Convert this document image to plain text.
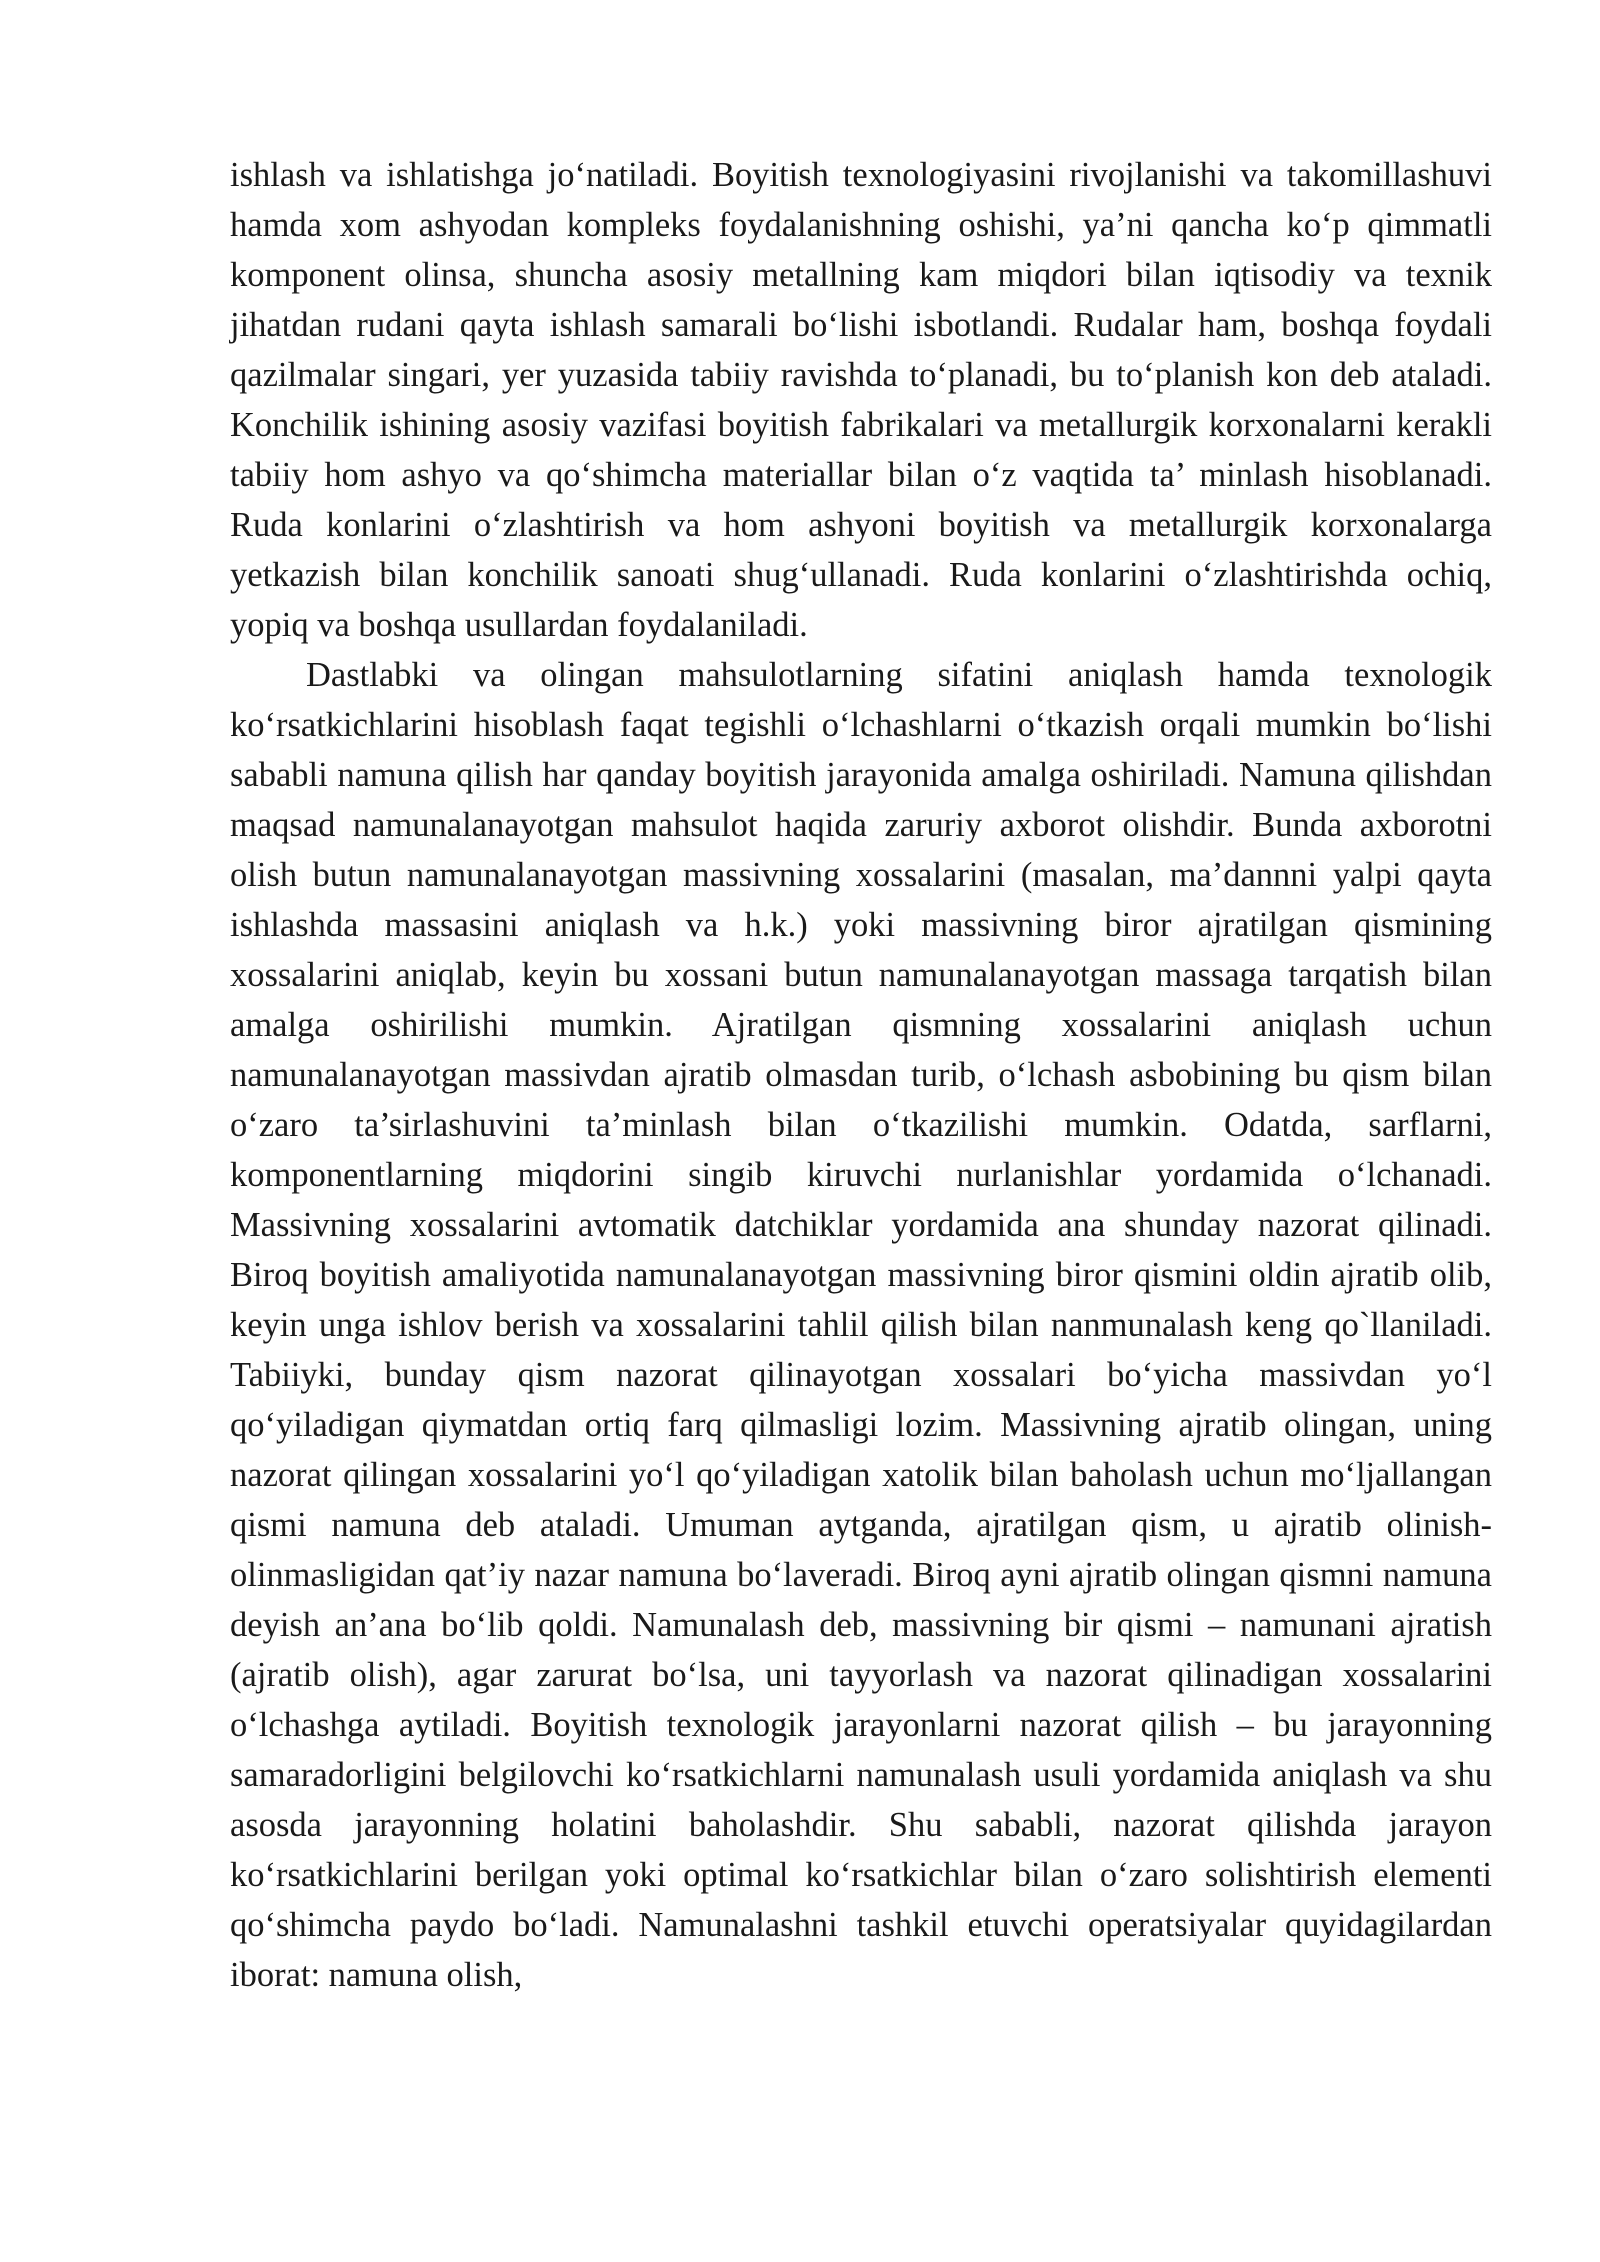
ishlash va ishlatishga jo‘natiladi. Boyitish texnologiyasini rivojlanishi va takomillashuvi hamda xom ashyodan kompleks foydalanishning oshishi, ya’ni qancha ko‘p qimmatli komponent olinsa, shuncha asosiy metallning kam miqdori bilan iqtisodiy va texnik jihatdan rudani qayta ishlash samarali bo‘lishi isbotlandi. Rudalar ham, boshqa foydali qazilmalar singari, yer yuzasida tabiiy ravishda to‘planadi, bu to‘planish kon deb ataladi. Konchilik ishining asosiy vazifasi boyitish fabrikalari va metallurgik korxonalarni kerakli tabiiy hom ashyo va qo‘shimcha materiallar bilan o‘z vaqtida ta’ minlash hisoblanadi. Ruda konlarini o‘zlashtirish va hom ashyoni boyitish va metallurgik korxonalarga yetkazish bilan konchilik sanoati shug‘ullanadi. Ruda konlarini o‘zlashtirishda ochiq, yopiq va boshqa usullardan foydalaniladi.

Dastlabki va olingan mahsulotlarning sifatini aniqlash hamda texnologik ko‘rsatkichlarini hisoblash faqat tegishli o‘lchashlarni o‘tkazish orqali mumkin bo‘lishi sababli namuna qilish har qanday boyitish jarayonida amalga oshiriladi. Namuna qilishdan maqsad namunalanayotgan mahsulot haqida zaruriy axborot olishdir. Bunda axborotni olish butun namunalanayotgan massivning xossalarini (masalan, ma’dannni yalpi qayta ishlashda massasini aniqlash va h.k.) yoki massivning biror ajratilgan qismining xossalarini aniqlab, keyin bu xossani butun namunalanayotgan massaga tarqatish bilan amalga oshirilishi mumkin. Ajratilgan qismning xossalarini aniqlash uchun namunalanayotgan massivdan ajratib olmasdan turib, o‘lchash asbobining bu qism bilan o‘zaro ta’sirlashuvini ta’minlash bilan o‘tkazilishi mumkin. Odatda, sarflarni, komponentlarning miqdorini singib kiruvchi nurlanishlar yordamida o‘lchanadi. Massivning xossalarini avtomatik datchiklar yordamida ana shunday nazorat qilinadi. Biroq boyitish amaliyotida namunalanayotgan massivning biror qismini oldin ajratib olib, keyin unga ishlov berish va xossalarini tahlil qilish bilan nanmunalash keng qo`llaniladi. Tabiiyki, bunday qism nazorat qilinayotgan xossalari bo‘yicha massivdan yo‘l qo‘yiladigan qiymatdan ortiq farq qilmasligi lozim. Massivning ajratib olingan, uning nazorat qilingan xossalarini yo‘l qo‘yiladigan xatolik bilan baholash uchun mo‘ljallangan qismi namuna deb ataladi. Umuman aytganda, ajratilgan qism, u ajratib olinish-olinmasligidan qat’iy nazar namuna bo‘laveradi. Biroq ayni ajratib olingan qismni namuna deyish an’ana bo‘lib qoldi. Namunalash deb, massivning bir qismi – namunani ajratish (ajratib olish), agar zarurat bo‘lsa, uni tayyorlash va nazorat qilinadigan xossalarini o‘lchashga aytiladi. Boyitish texnologik jarayonlarni nazorat qilish – bu jarayonning samaradorligini belgilovchi ko‘rsatkichlarni namunalash usuli yordamida aniqlash va shu asosda jarayonning holatini baholashdir. Shu sababli, nazorat qilishda jarayon ko‘rsatkichlarini berilgan yoki optimal ko‘rsatkichlar bilan o‘zaro solishtirish elementi qo‘shimcha paydo bo‘ladi. Namunalashni tashkil etuvchi operatsiyalar quyidagilardan iborat: namuna olish,
